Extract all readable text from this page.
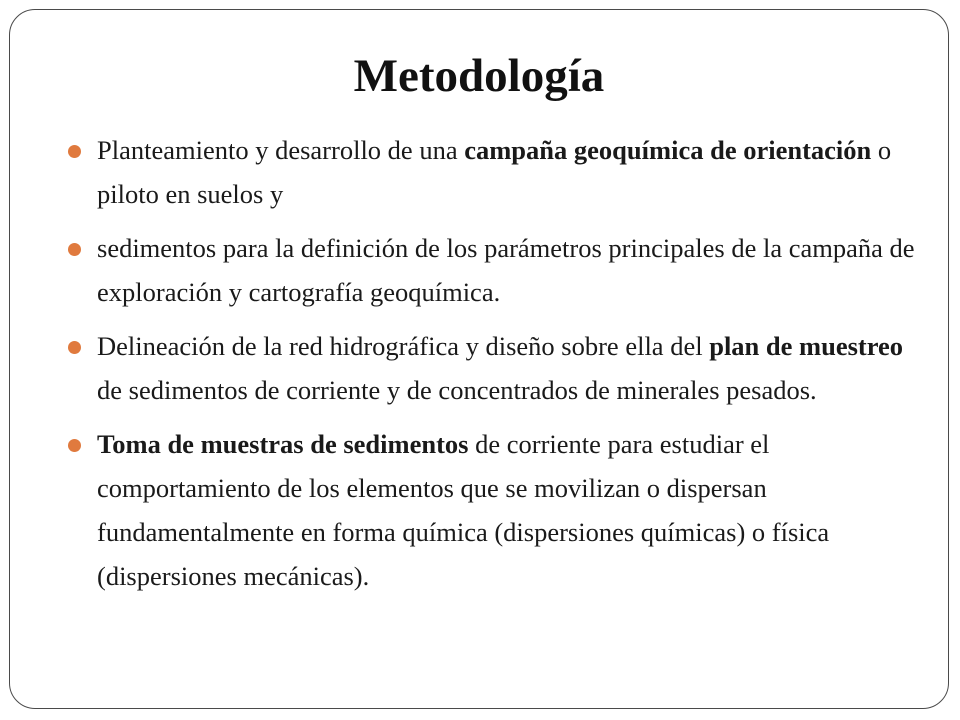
Metodología
Planteamiento y desarrollo de una campaña geoquímica de orientación o piloto en suelos y
sedimentos para la definición de los parámetros principales de la campaña de exploración y cartografía geoquímica.
Delineación de la red hidrográfica y diseño sobre ella del plan de muestreo de sedimentos de corriente y de concentrados de minerales pesados.
Toma de muestras de sedimentos de corriente para estudiar el comportamiento de los elementos que se movilizan o dispersan fundamentalmente en forma química (dispersiones químicas) o física (dispersiones mecánicas).
